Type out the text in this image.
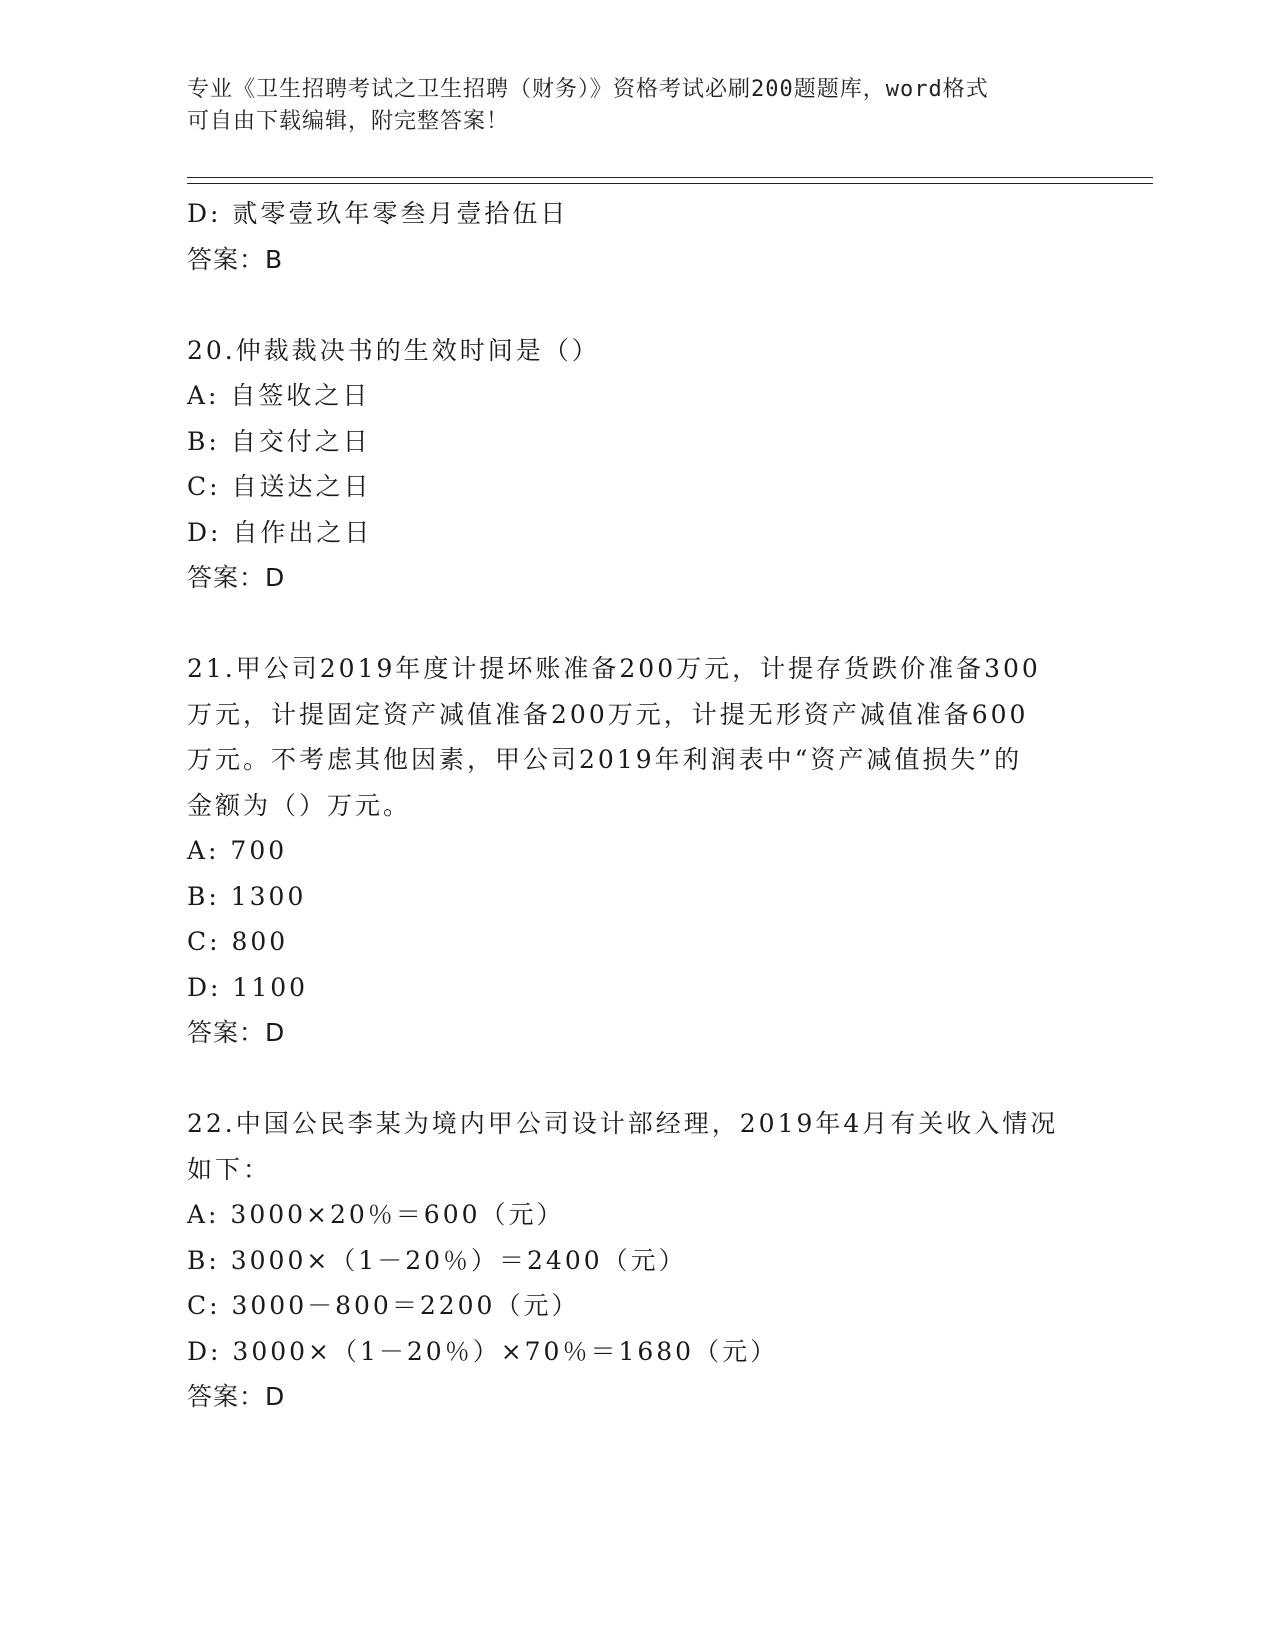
专业《卫生招聘考试之卫生招聘（财务）》资格考试必刷200题题库，word格式
可自由下载编辑，附完整答案！
D: 贰零壹玖年零叁月壹拾伍日
答案：B
20.仲裁裁决书的生效时间是（）
A: 自签收之日
B: 自交付之日
C: 自送达之日
D: 自作出之日
答案：D
21.甲公司2019年度计提坏账准备200万元，计提存货跌价准备300
万元，计提固定资产减值准备200万元，计提无形资产减值准备600
万元。不考虑其他因素，甲公司2019年利润表中“资产减值损失”的
金额为（）万元。
A: 700
B: 1300
C: 800
D: 1100
答案：D
22.中国公民李某为境内甲公司设计部经理，2019年4月有关收入情况
如下：
A: 3000×20％＝600（元）
B: 3000×（1－20％）＝2400（元）
C: 3000－800＝2200（元）
D: 3000×（1－20％）×70％＝1680（元）
答案：D
